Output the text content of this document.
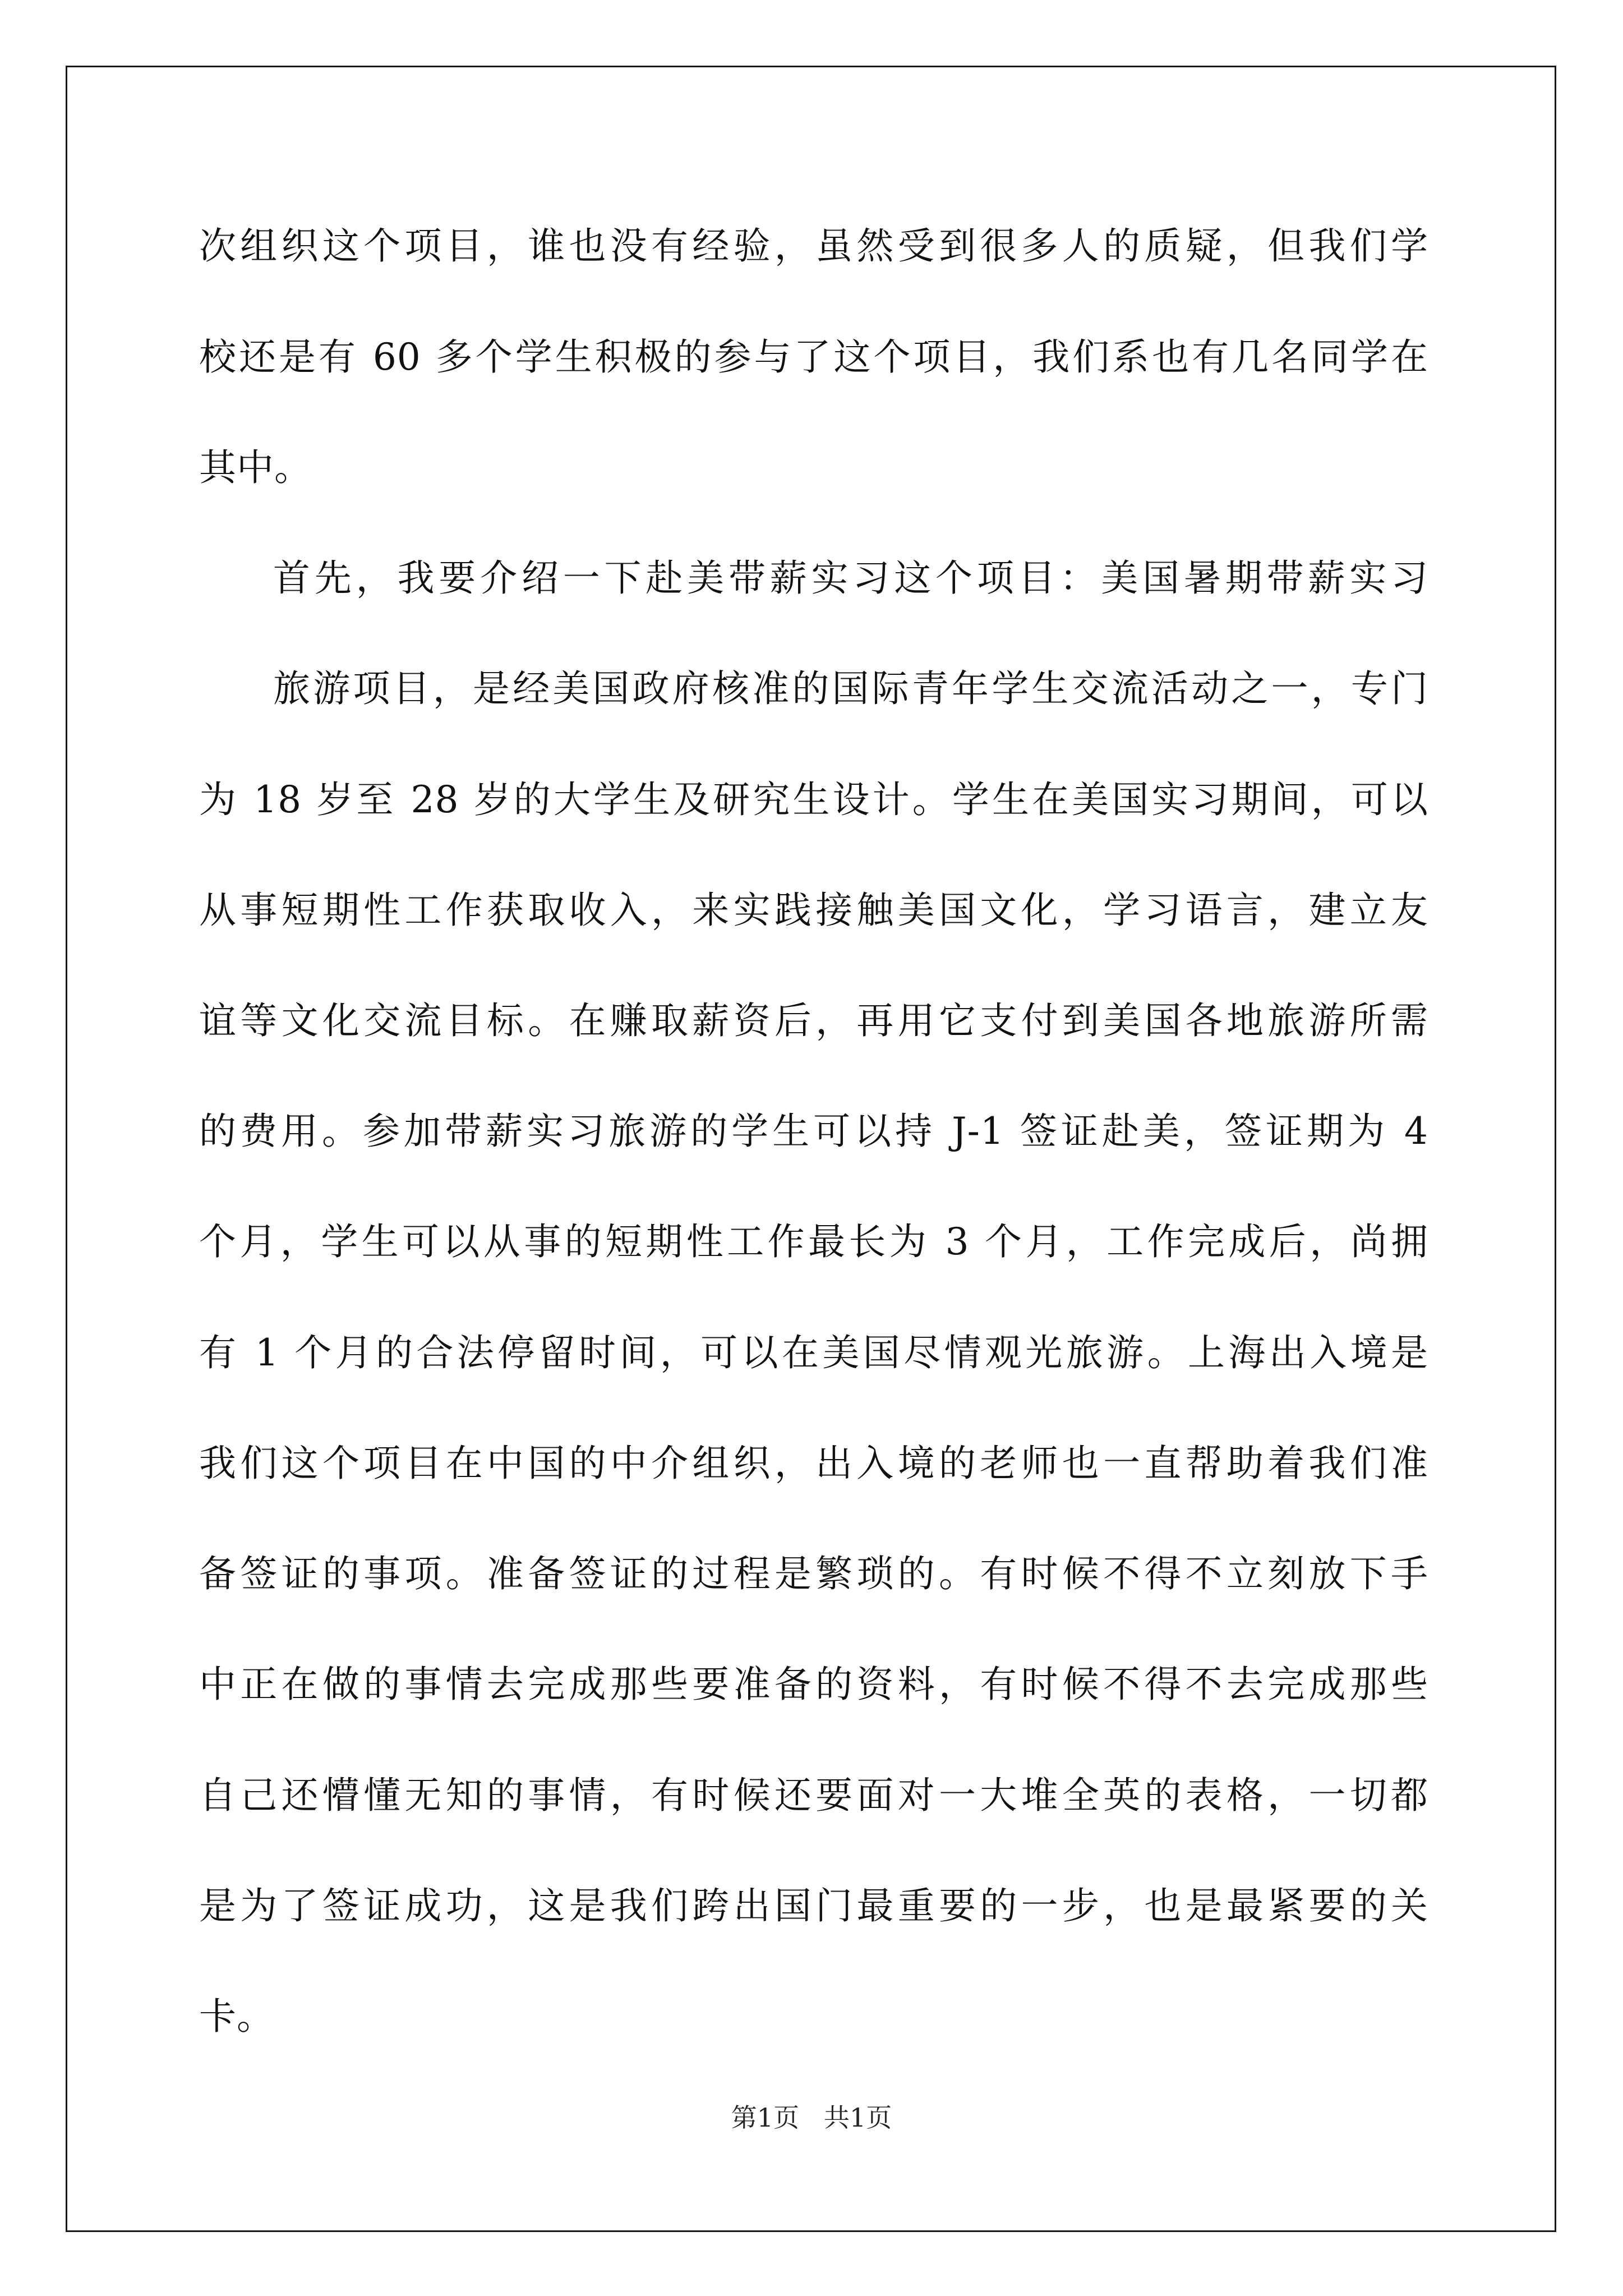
次组织这个项目，谁也没有经验，虽然受到很多人的质疑，但我们学
校还是有 60 多个学生积极的参与了这个项目，我们系也有几名同学在
其中。
首先，我要介绍一下赴美带薪实习这个项目：美国暑期带薪实习
旅游项目，是经美国政府核准的国际青年学生交流活动之一，专门
为 18 岁至 28 岁的大学生及研究生设计。学生在美国实习期间，可以
从事短期性工作获取收入，来实践接触美国文化，学习语言，建立友
谊等文化交流目标。在赚取薪资后，再用它支付到美国各地旅游所需
的费用。参加带薪实习旅游的学生可以持 J-1 签证赴美，签证期为 4
个月，学生可以从事的短期性工作最长为 3 个月，工作完成后，尚拥
有 1 个月的合法停留时间，可以在美国尽情观光旅游。上海出入境是
我们这个项目在中国的中介组织，出入境的老师也一直帮助着我们准
备签证的事项。准备签证的过程是繁琐的。有时候不得不立刻放下手
中正在做的事情去完成那些要准备的资料，有时候不得不去完成那些
自己还懵懂无知的事情，有时候还要面对一大堆全英的表格，一切都
是为了签证成功，这是我们跨出国门最重要的一步，也是最紧要的关
卡。
第1页   共1页
